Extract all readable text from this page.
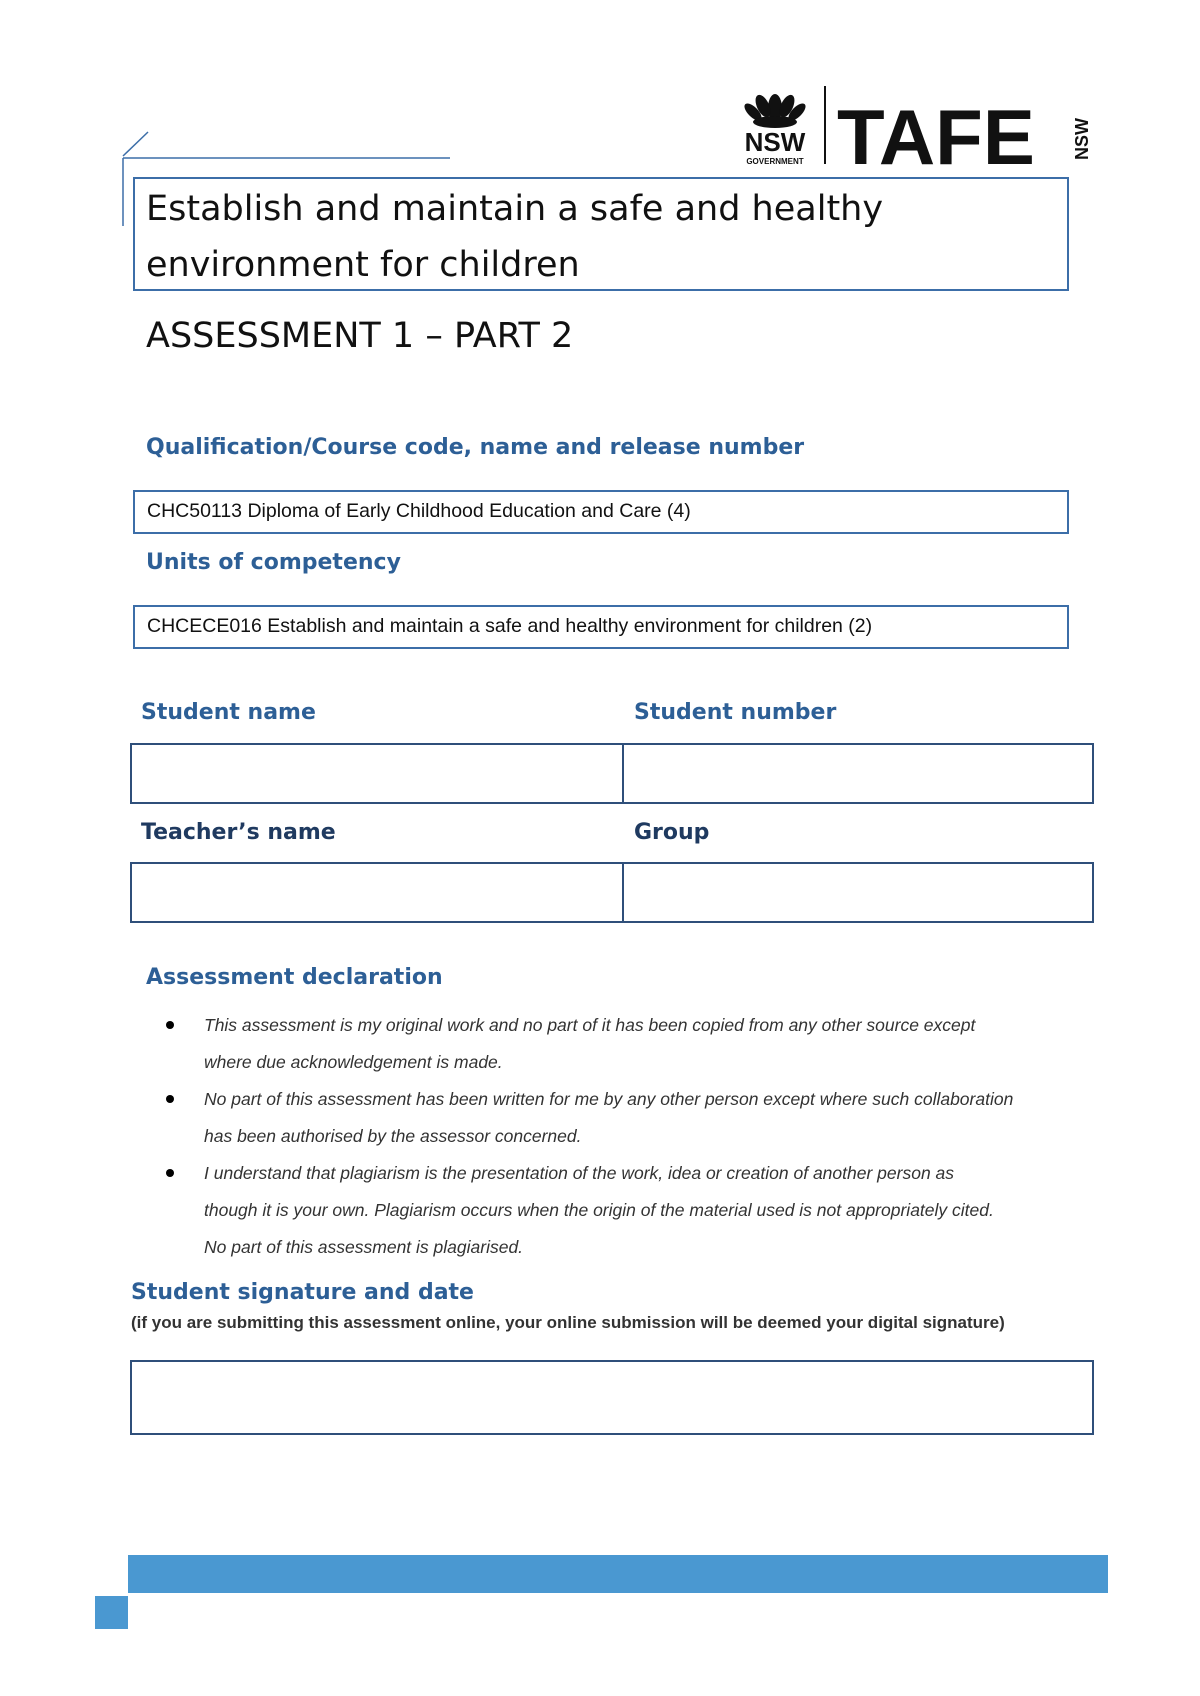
NSW
GOVERNMENT TAFE NSW
Establish and maintain a safe and healthy environment for children
ASSESSMENT 1 – PART 2
Qualification/Course code, name and release number
CHC50113 Diploma of Early Childhood Education and Care (4)
Units of competency
CHCECE016 Establish and maintain a safe and healthy environment for children (2)
Student name	Student number
Teacher’s name	Group
Assessment declaration
This assessment is my original work and no part of it has been copied from any other source except
where due acknowledgement is made.
No part of this assessment has been written for me by any other person except where such collaboration
has been authorised by the assessor concerned.
I understand that plagiarism is the presentation of the work, idea or creation of another person as
though it is your own. Plagiarism occurs when the origin of the material used is not appropriately cited.
No part of this assessment is plagiarised.
Student signature and date
(if you are submitting this assessment online, your online submission will be deemed your digital signature)
